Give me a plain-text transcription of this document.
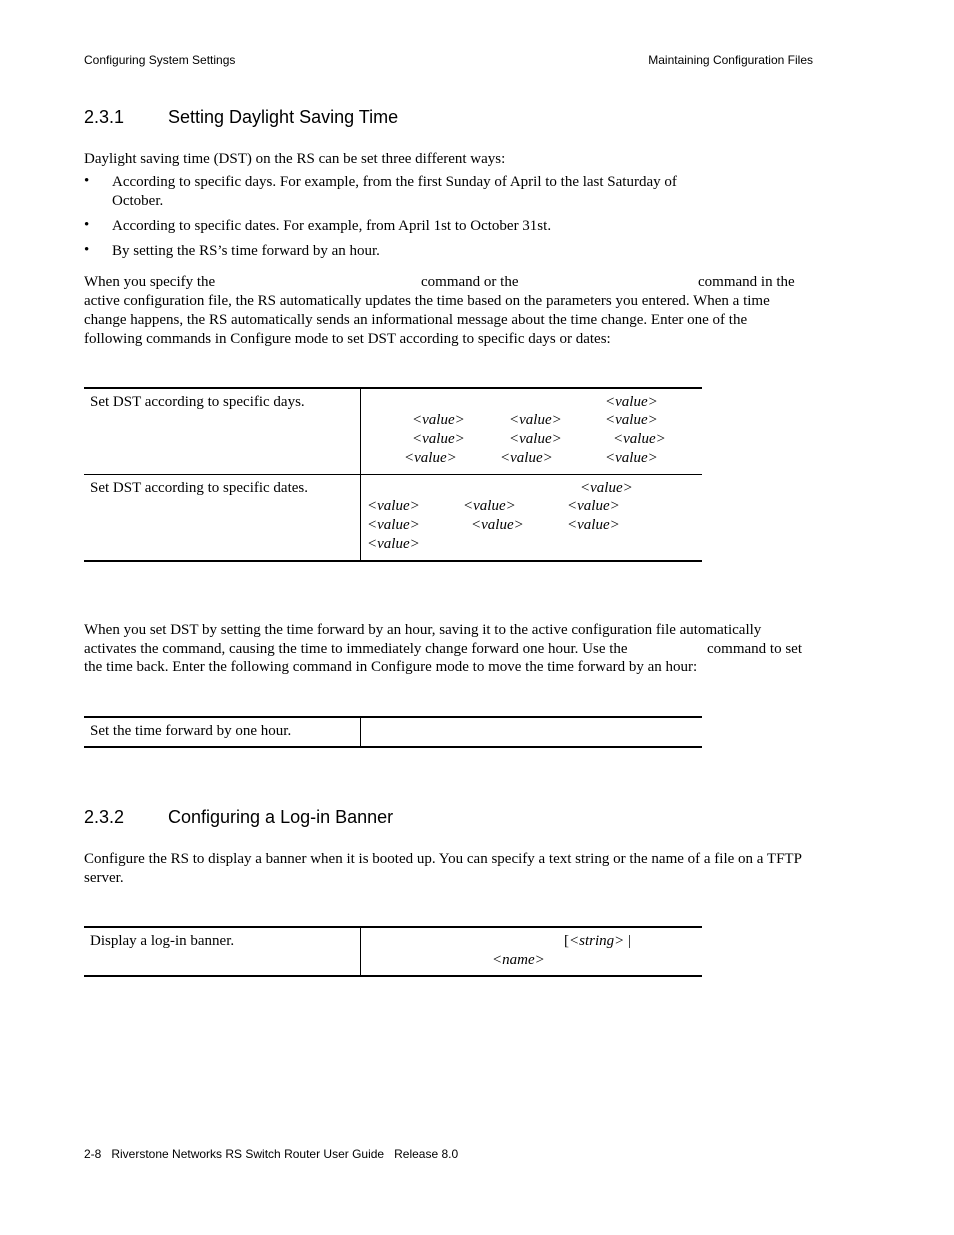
Configuring System Settings	Maintaining Configuration Files
2.3.1 Setting Daylight Saving Time
Daylight saving time (DST) on the RS can be set three different ways:
• According to specific days. For example, from the first Sunday of April to the last Saturday of
October.
• According to specific dates. For example, from April 1st to October 31st.
• By setting the RS’s time forward by an hour.
When you specify the	command or the	command in the
active configuration file, the RS automatically updates the time based on the parameters you entered. When a time
change happens, the RS automatically sends an informational message about the time change. Enter one of the
following commands in Configure mode to set DST according to specific days or dates:
Set DST according to specific days.	<value>
<value>	<value>	<value>
<value>	<value>	<value>
<value>	<value>	<value>
Set DST according to specific dates.	<value>
<value>	<value>	<value>
<value>	<value>	<value>
<value>
When you set DST by setting the time forward by an hour, saving it to the active configuration file automatically
activates the command, causing the time to immediately change forward one hour. Use the	command to set
the time back. Enter the following command in Configure mode to move the time forward by an hour:
Set the time forward by one hour.
2.3.2 Configuring a Log-in Banner
Configure the RS to display a banner when it is booted up. You can specify a text string or the name of a file on a TFTP
server.
Display a log-in banner.	[<string> |
<name>
2-8   Riverstone Networks RS Switch Router User Guide   Release 8.0
